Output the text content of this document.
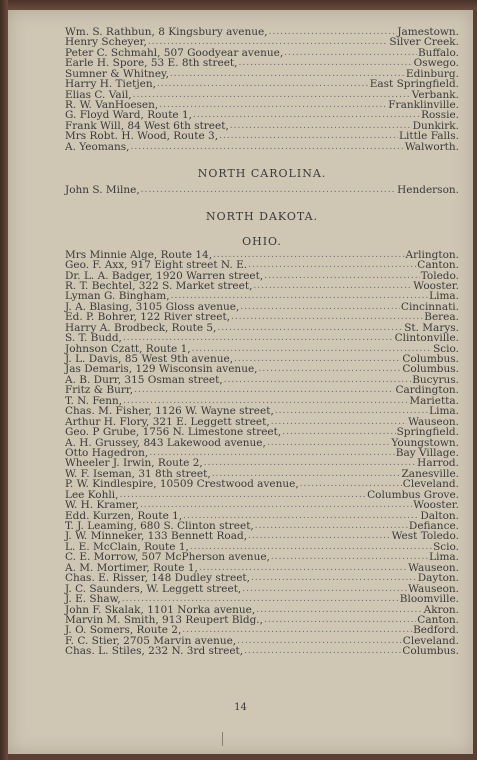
14
Wm. S. Rathbun, 8 Kingsbury avenue, .....	Jamestown.
Henry Scheyer, .....	Silver Creek.
Peter C. Schmahl, 507 Goodyear avenue, .....	Buffalo.
Earle H. Spore, 53 E. 8th street, .....	Oswego.
Sumner & Whitney, .....	Edinburg.
Harry H. Tietjen, .....	East Springfield.
Elias C. Vail, .....	Verbank.
R. W. VanHoesen, .....	Franklinville.
G. Floyd Ward, Route 1, .....	Rossie.
Frank Will, 84 West 6th street, .....	Dunkirk.
Mrs Robt. H. Wood, Route 3, .....	Little Falls.
A. Yeomans, .....	Walworth.
NORTH CAROLINA.
John S. Milne, .....	Henderson.
NORTH DAKOTA.
OHIO.
Mrs Minnie Alge, Route 14, .....	Arlington.
Geo. F. Axx, 917 Eight street N. E. .....	Canton.
Dr. L. A. Badger, 1920 Warren street, .....	Toledo.
R. T. Bechtel, 322 S. Market street, .....	Wooster.
Lyman G. Bingham, .....	Lima.
J. A. Blasing, 3105 Gloss avenue, .....	Cincinnati.
Ed. P. Bohrer, 122 River street, .....	Berea.
Harry A. Brodbeck, Route 5, .....	St. Marys.
S. T. Budd, .....	Clintonville.
Johnson Czatt, Route 1, .....	Scio.
J. L. Davis, 85 West 9th avenue, .....	Columbus.
Jas Demaris, 129 Wisconsin avenue, .....	Columbus.
A. B. Durr, 315 Osman street, .....	Bucyrus.
Fritz & Burr, .....	Cardington.
T. N. Fenn, .....	Marietta.
Chas. M. Fisher, 1126 W. Wayne street, .....	Lima.
Arthur H. Flory, 321 E. Leggett street, .....	Wauseon.
Geo. P Grube, 1756 N. Limestone street, .....	Springfield.
A. H. Grussey, 843 Lakewood avenue, .....	Youngstown.
Otto Hagedron, .....	Bay Village.
Wheeler J. Irwin, Route 2, .....	Harrod.
W. F. Iseman, 31 8th street, .....	Zanesville.
P. W. Kindlespire, 10509 Crestwood avenue, .....	Cleveland.
Lee Kohli, .....	Columbus Grove.
W. H. Kramer, .....	Wooster.
Edd. Kurzen, Route 1, .....	Dalton.
T. J. Leaming, 680 S. Clinton street, .....	Defiance.
J. W. Minneker, 133 Bennett Road, .....	West Toledo.
L. E. McClain, Route 1, .....	Scio.
C. E. Morrow, 507 McPherson avenue, .....	Lima.
A. M. Mortimer, Route 1, .....	Wauseon.
Chas. E. Risser, 148 Dudley street, .....	Dayton.
J. C. Saunders, W. Leggett street, .....	Wauseon.
J. E. Shaw, .....	Bloomville.
John F. Skalak, 1101 Norka avenue, .....	Akron.
Marvin M. Smith, 913 Reupert Bldg., .....	Canton.
J. O. Somers, Route 2, .....	Bedford.
F. C. Stier, 2705 Marvin avenue, .....	Cleveland.
Chas. L. Stiles, 232 N. 3rd street, .....	Columbus.
